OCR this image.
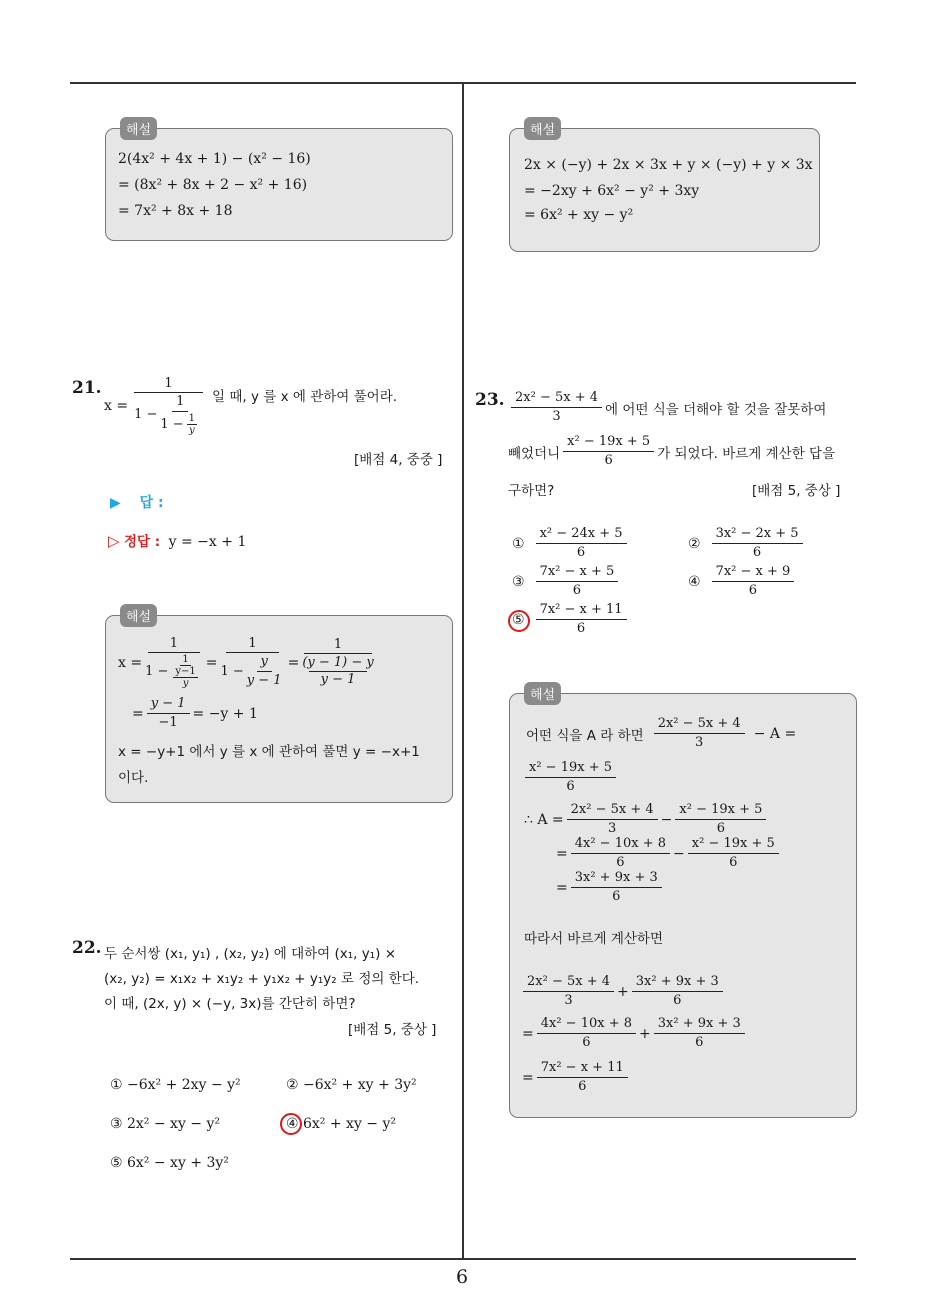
6
해설
2(4x² + 4x + 1) − (x² − 16)
= (8x² + 8x + 2 − x² + 16)
= 7x² + 8x + 18
해설
2x × (−y) + 2x × 3x + y × (−y) + y × 3x
= −2xy + 6x² − y² + 3xy
= 6x² + xy − y²
21.
x =
1
$1 - \frac{1}{1 - \frac{1}{y}}$ 일 때, y 를 x 에 관하여 풀어라.
[배점 4, 중중 ]
▶ 답 :
▷ 정답 : y = −x + 1
해설
x =
1
1 − 1
y−1
$y = \frac{1}{1 - \frac{y}{y - 1}}$ =
1
(y − 1) − y
y − 1
= $\frac{y - 1}{-1} = -y + 1$
x = −y+1 에서 y 를 x 에 관하여 풀면 y = −x+1
이다.
22. 두 순서쌍 (x₁, y₁) , (x₂, y₂) 에 대하여 (x₁, y₁) ×
(x₂, y₂) = x₁x₂ + x₁y₂ + y₁x₂ + y₁y₂ 로 정의 한다.
이 때, (2x, y) × (−y, 3x)를 간단히 하면?
[배점 5, 중상 ]
① −6x² + 2xy − y²	② −6x² + xy + 3y²
③ 2x² − xy − y²	④ 6x² + xy − y²
⑤ 6x² − xy + 3y²
23. $\frac{\text{2x² − 5x + 4}}{3}$ 에 어떤 식을 더해야 할 것을 잘못하여
빼었더니 $\frac{\text{x² − 19x + 5}}{6}$ 가 되었다. 바르게 계산한 답을
구하면?	[배점 5, 중상 ]
① $\frac{\text{x² − 24x + 5}}{6}$	② $\frac{\text{3x² − 2x + 5}}{6}$
③ $\frac{\text{7x² − x + 5}}{6}$	④ $\frac{\text{7x² − x + 9}}{6}$
⑤ $\frac{\text{7x² − x + 11}}{6}$
해설
어떤 식을 A 라 하면 $\frac{\text{2x² − 5x + 4}}{3} - A$ =
$\frac{\text{x² − 19x + 5}}{6}$
∴ $A = \frac{\text{2x² − 5x + 4}}{3} - \frac{\text{x² − 19x + 5}}{6}$
= $\frac{\text{4x² − 10x + 8}}{6} - \frac{\text{x² − 19x + 5}}{6}$
= $\frac{\text{3x² + 9x + 3}}{6}$
따라서 바르게 계산하면
$\frac{\text{2x² − 5x + 4}}{3} + \frac{\text{3x² + 9x + 3}}{6}$
= $\frac{\text{4x² − 10x + 8}}{6} + \frac{\text{3x² + 9x + 3}}{6}$
= $\frac{\text{7x² − x + 11}}{6}$
